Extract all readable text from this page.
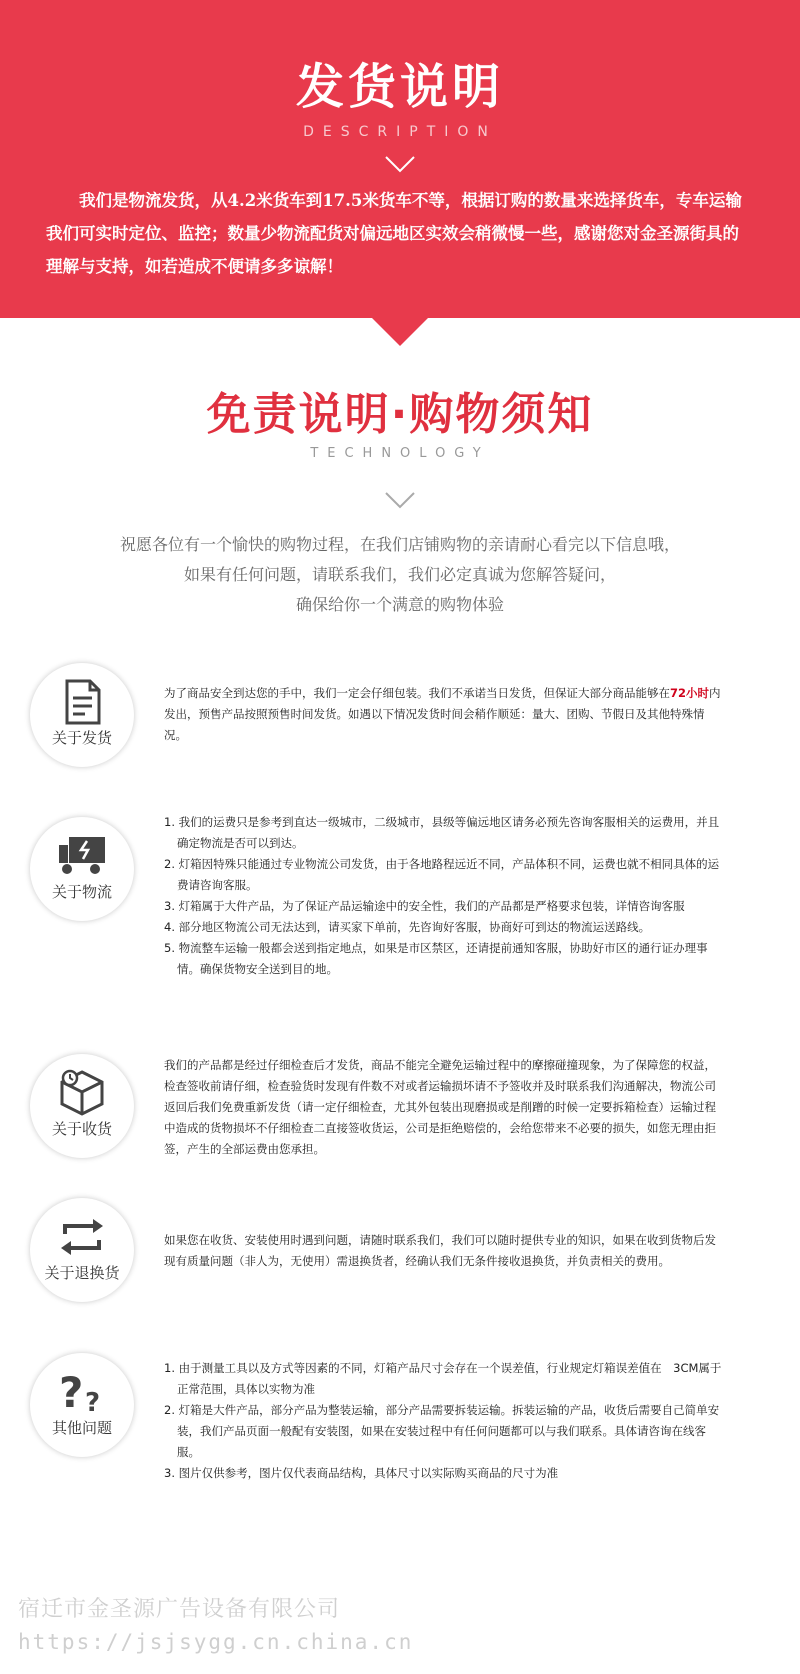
发货说明
DESCRIPTION
我们是物流发货，从4.2米货车到17.5米货车不等，根据订购的数量来选择货车，专车运输我们可实时定位、监控；数量少物流配货对偏远地区实效会稍微慢一些，感谢您对金圣源街具的理解与支持，如若造成不便请多多谅解！
免责说明·购物须知
TECHNOLOGY
祝愿各位有一个愉快的购物过程，在我们店铺购物的亲请耐心看完以下信息哦，
如果有任何问题，请联系我们，我们必定真诚为您解答疑问，
确保给你一个满意的购物体验
关于发货

为了商品安全到达您的手中，我们一定会仔细包装。我们不承诺当日发货，但保证大部分商品能够在72小时内发出，预售产品按照预售时间发货。如遇以下情况发货时间会稍作顺延：量大、团购、节假日及其他特殊情况。

关于物流
1. 我们的运费只是参考到直达一级城市，二级城市，县级等偏远地区请务必预先咨询客服相关的运费用，并且确定物流是否可以到达。
2. 灯箱因特殊只能通过专业物流公司发货，由于各地路程远近不同，产品体积不同，运费也就不相同具体的运费请咨询客服。
3. 灯箱属于大件产品，为了保证产品运输途中的安全性，我们的产品都是严格要求包装，详情咨询客服
4. 部分地区物流公司无法达到，请买家下单前，先咨询好客服，协商好可到达的物流运送路线。
5. 物流整车运输一般都会送到指定地点，如果是市区禁区，还请提前通知客服，协助好市区的通行证办理事情。确保货物安全送到目的地。
关于收货

我们的产品都是经过仔细检查后才发货，商品不能完全避免运输过程中的摩擦碰撞现象，为了保障您的权益，检查签收前请仔细，检查验货时发现有件数不对或者运输损坏请不予签收并及时联系我们沟通解决，物流公司返回后我们免费重新发货（请一定仔细检查，尤其外包装出现磨损或是削蹭的时候一定要拆箱检查）运输过程中造成的货物损坏不仔细检查二直接签收货运，公司是拒绝赔偿的，会给您带来不必要的损失，如您无理由拒签，产生的全部运费由您承担。

关于退换货

如果您在收货、安装使用时遇到问题，请随时联系我们，我们可以随时提供专业的知识，如果在收到货物后发现有质量问题（非人为，无使用）需退换货者，经确认我们无条件接收退换货，并负责相关的费用。

? ?
其他问题
1. 由于测量工具以及方式等因素的不同，灯箱产品尺寸会存在一个误差值，行业规定灯箱误差值在　3CM属于正常范围，具体以实物为准
2. 灯箱是大件产品，部分产品为整装运输，部分产品需要拆装运输。拆装运输的产品，收货后需要自己简单安装，我们产品页面一般配有安装图，如果在安装过程中有任何问题都可以与我们联系。具体请咨询在线客服。
3. 图片仅供参考，图片仅代表商品结构，具体尺寸以实际购买商品的尺寸为准
宿迁市金圣源广告设备有限公司
https://jsjsygg.cn.china.cn
